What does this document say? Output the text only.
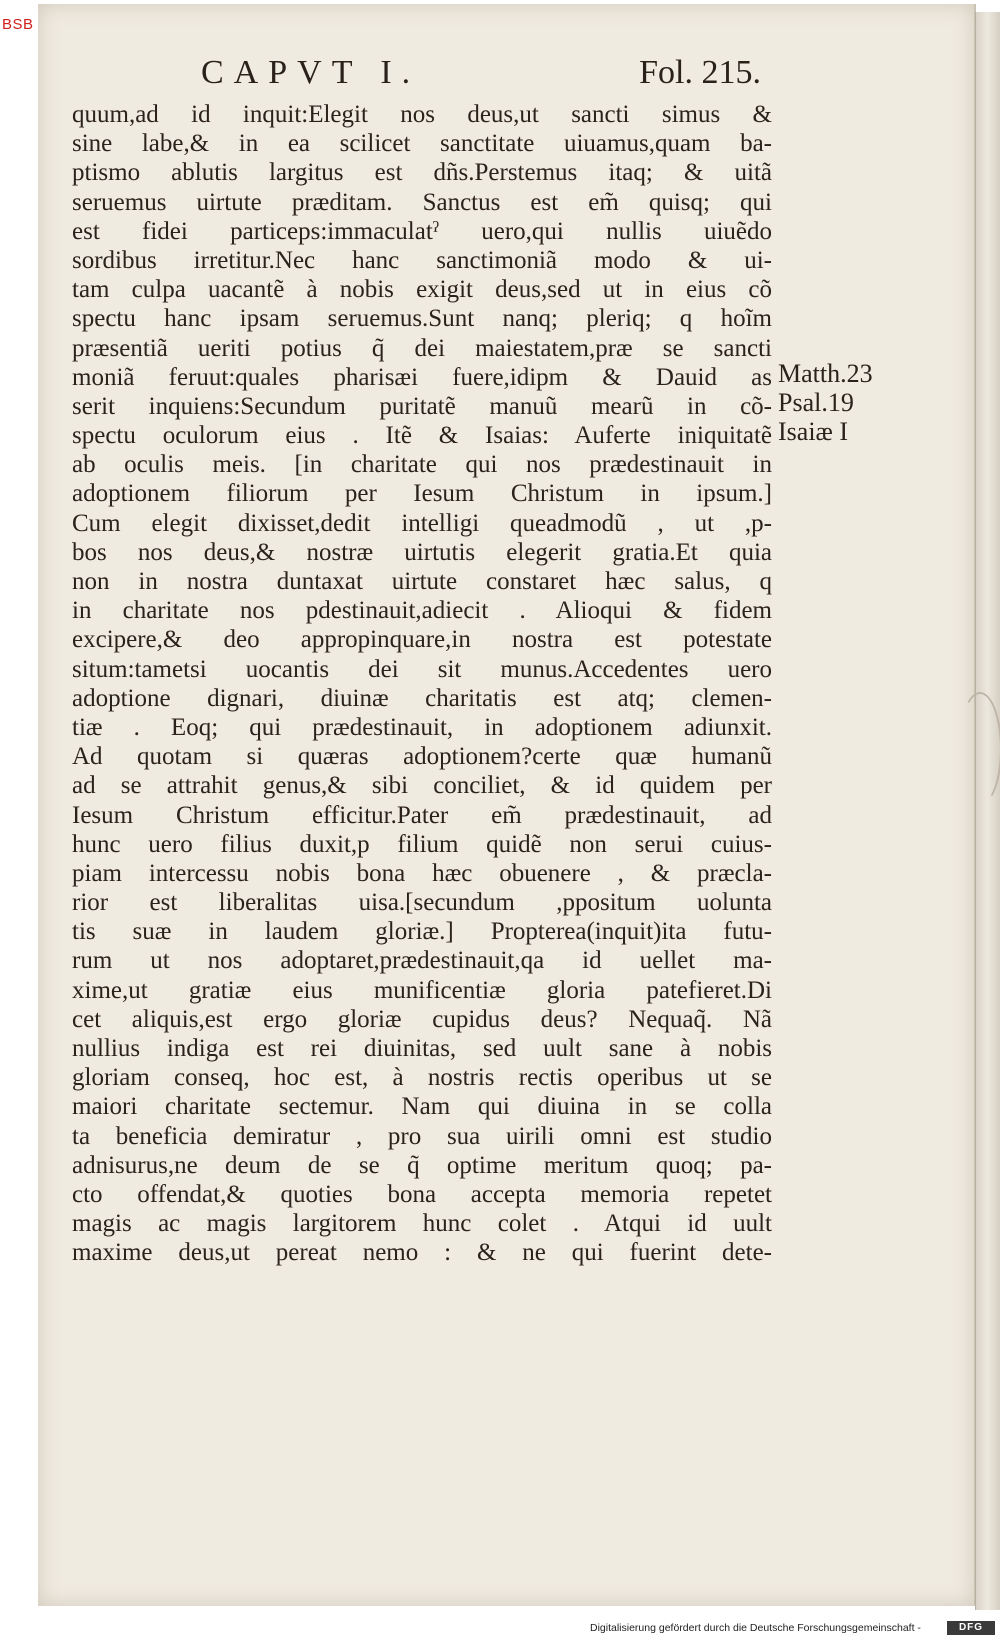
BSB
CAPVT I.	Fol. 215.
quum,ad id inquit:Elegit nos deus,ut sancti simus &
sine labe,& in ea scilicet sanctitate uiuamus,quam ba-
ptismo ablutis largitus est dñs.Perstemus itaq; & uitã
seruemus uirtute præditam. Sanctus est em̃ quisq; qui
est fidei particeps:immaculatˀ uero,qui nullis uiuẽdo
sordibus irretitur.Nec hanc sanctimoniã modo & ui-
tam culpa uacantẽ à nobis exigit deus,sed ut in eius cõ
spectu hanc ipsam seruemus.Sunt nanq; pleriq; q hoĩm
præsentiã ueriti potius q̃ dei maiestatem,præ se sancti
moniã feruut:quales pharisæi fuere,idipm & Dauid as
serit inquiens:Secundum puritatẽ manuũ mearũ in cõ-
spectu oculorum eius . Itẽ & Isaias: Auferte iniquitatẽ
ab oculis meis. [in charitate qui nos prædestinauit in
adoptionem filiorum per Iesum Christum in ipsum.]
Cum elegit dixisset,dedit intelligi queadmodũ , ut ,p-
bos nos deus,& nostræ uirtutis elegerit gratia.Et quia
non in nostra duntaxat uirtute constaret hæc salus, q
in charitate nos pdestinauit,adiecit . Alioqui & fidem
excipere,& deo appropinquare,in nostra est potestate
situm:tametsi uocantis dei sit munus.Accedentes uero
adoptione dignari, diuinæ charitatis est atq; clemen-
tiæ . Eoq; qui prædestinauit, in adoptionem adiunxit.
Ad quotam si quæras adoptionem?certe quæ humanũ
ad se attrahit genus,& sibi conciliet, & id quidem per
Iesum Christum efficitur.Pater em̃ prædestinauit, ad
hunc uero filius duxit,p filium quidẽ non serui cuius-
piam intercessu nobis bona hæc obuenere , & præcla-
rior est liberalitas uisa.[secundum ,ppositum uolunta
tis suæ in laudem gloriæ.] Propterea(inquit)ita futu-
rum ut nos adoptaret,prædestinauit,qa id uellet ma-
xime,ut gratiæ eius munificentiæ gloria patefieret.Di
cet aliquis,est ergo gloriæ cupidus deus? Nequaq̃. Nã
nullius indiga est rei diuinitas, sed uult sane à nobis
gloriam conseq, hoc est, à nostris rectis operibus ut se
maiori charitate sectemur. Nam qui diuina in se colla
ta beneficia demiratur , pro sua uirili omni est studio
adnisurus,ne deum de se q̃ optime meritum quoq; pa-
cto offendat,& quoties bona accepta memoria repetet
magis ac magis largitorem hunc colet . Atqui id uult
maxime deus,ut pereat nemo : & ne qui fuerint dete-
Matth.23
Psal.19
Isaiæ I
Digitalisierung gefördert durch die Deutsche Forschungsgemeinschaft -	DFG
